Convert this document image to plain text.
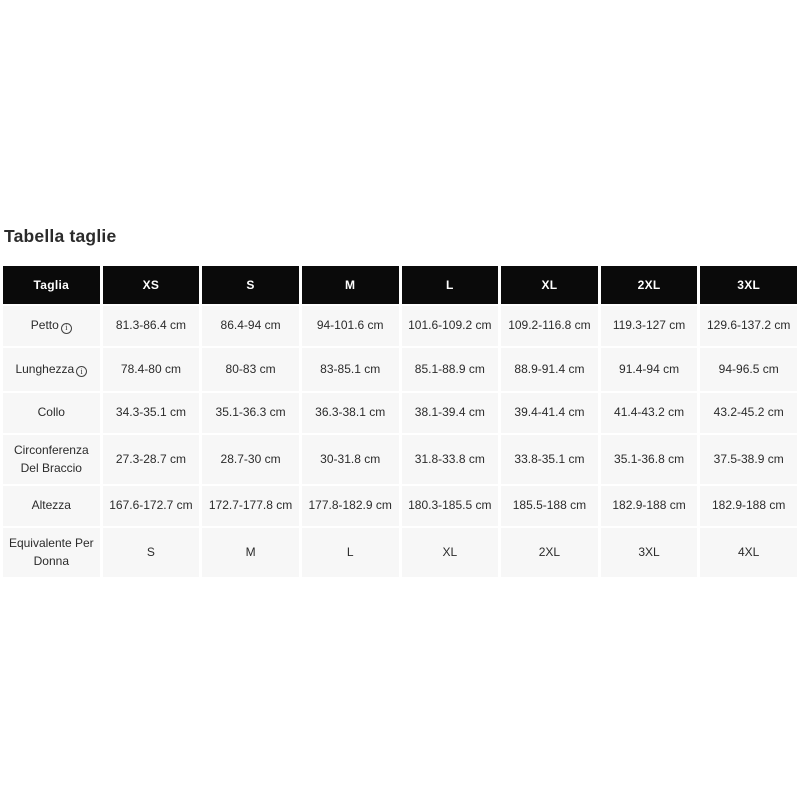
Tabella taglie
Taglia	XS	S	M	L	XL	2XL	3XL
Petto i	81.3-86.4 cm	86.4-94 cm	94-101.6 cm	101.6-109.2 cm	109.2-116.8 cm	119.3-127 cm	129.6-137.2 cm
Lunghezza i	78.4-80 cm	80-83 cm	83-85.1 cm	85.1-88.9 cm	88.9-91.4 cm	91.4-94 cm	94-96.5 cm
Collo	34.3-35.1 cm	35.1-36.3 cm	36.3-38.1 cm	38.1-39.4 cm	39.4-41.4 cm	41.4-43.2 cm	43.2-45.2 cm
Circonferenza Del Braccio	27.3-28.7 cm	28.7-30 cm	30-31.8 cm	31.8-33.8 cm	33.8-35.1 cm	35.1-36.8 cm	37.5-38.9 cm
Altezza	167.6-172.7 cm	172.7-177.8 cm	177.8-182.9 cm	180.3-185.5 cm	185.5-188 cm	182.9-188 cm	182.9-188 cm
Equivalente Per Donna	S	M	L	XL	2XL	3XL	4XL
